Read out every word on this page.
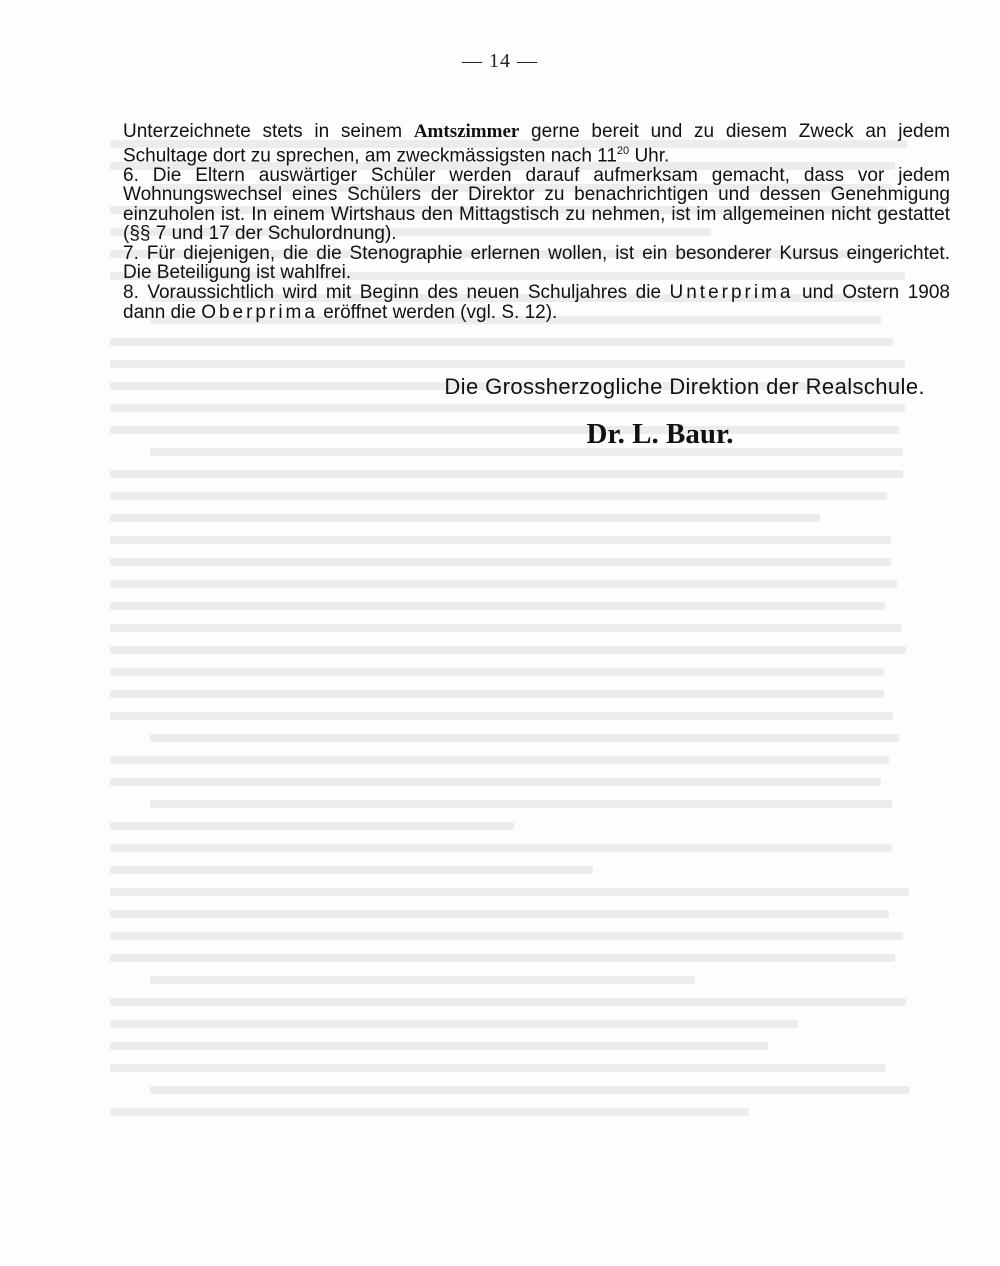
— 14 —

Unterzeichnete stets in seinem Amtszimmer gerne bereit und zu diesem Zweck an jedem Schultage dort zu sprechen, am zweckmässigsten nach $11^{20}$ Uhr.

6. Die Eltern auswärtiger Schüler werden darauf aufmerksam gemacht, dass vor jedem Wohnungswechsel eines Schülers der Direktor zu benachrichtigen und dessen Genehmigung einzuholen ist. In einem Wirtshaus den Mittagstisch zu nehmen, ist im allgemeinen nicht gestattet (§§ 7 und 17 der Schulordnung).

7. Für diejenigen, die die Stenographie erlernen wollen, ist ein besonderer Kursus eingerichtet. Die Beteiligung ist wahlfrei.

8. Voraussichtlich wird mit Beginn des neuen Schuljahres die Unterprima und Ostern 1908 dann die Oberprima eröffnet werden (vgl. S. 12).

Die Grossherzogliche Direktion der Realschule.
Dr. L. Baur.
